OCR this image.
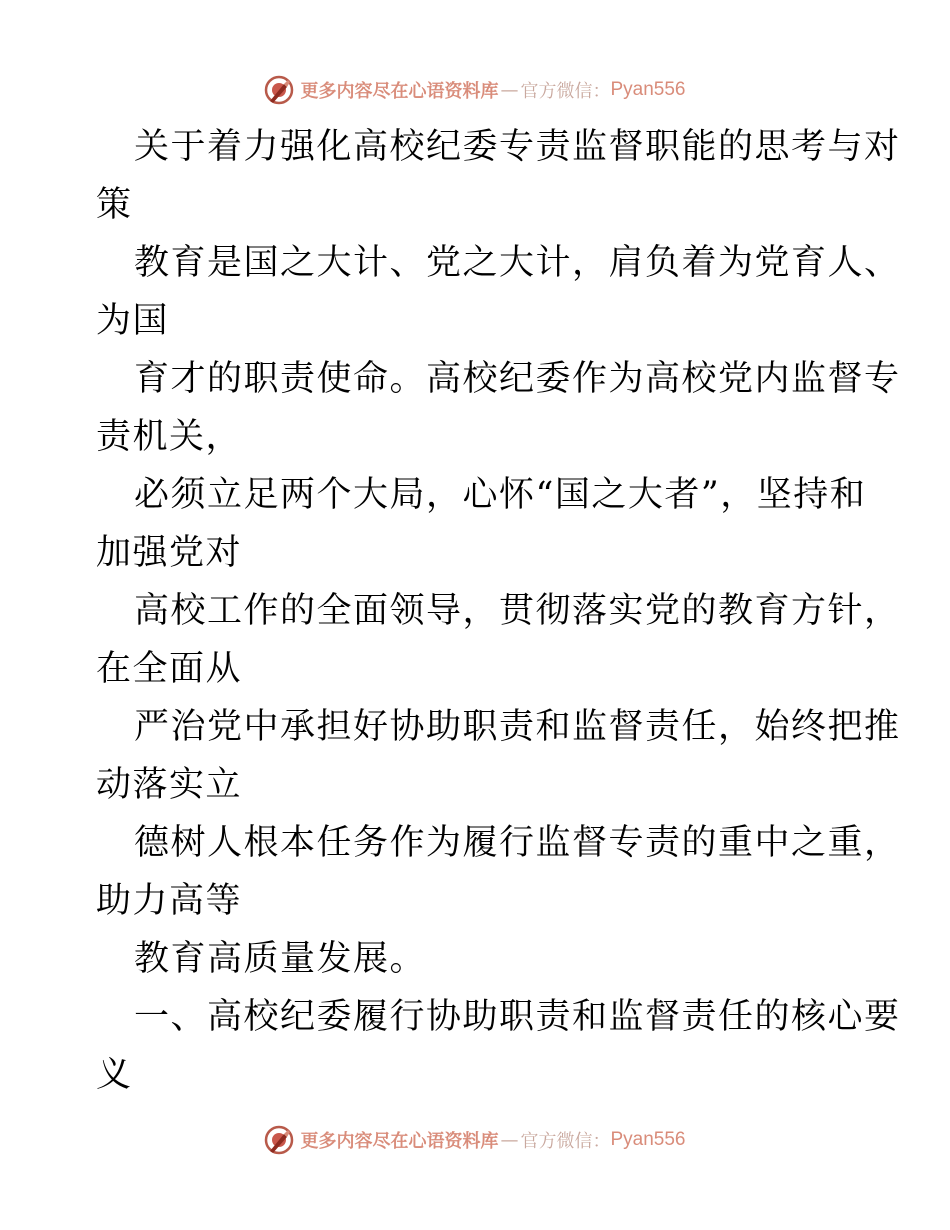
更多内容尽在心语资料库 — 官方微信： Pyan556

关于着力强化高校纪委专责监督职能的思考与对

策

教育是国之大计、党之大计，肩负着为党育人、

为国

育才的职责使命。高校纪委作为高校党内监督专

责机关，

必须立足两个大局，心怀“国之大者”，坚持和

加强党对

高校工作的全面领导，贯彻落实党的教育方针，

在全面从

严治党中承担好协助职责和监督责任，始终把推

动落实立

德树人根本任务作为履行监督专责的重中之重，

助力高等

教育高质量发展。

一、高校纪委履行协助职责和监督责任的核心要

义

更多内容尽在心语资料库 — 官方微信： Pyan556
